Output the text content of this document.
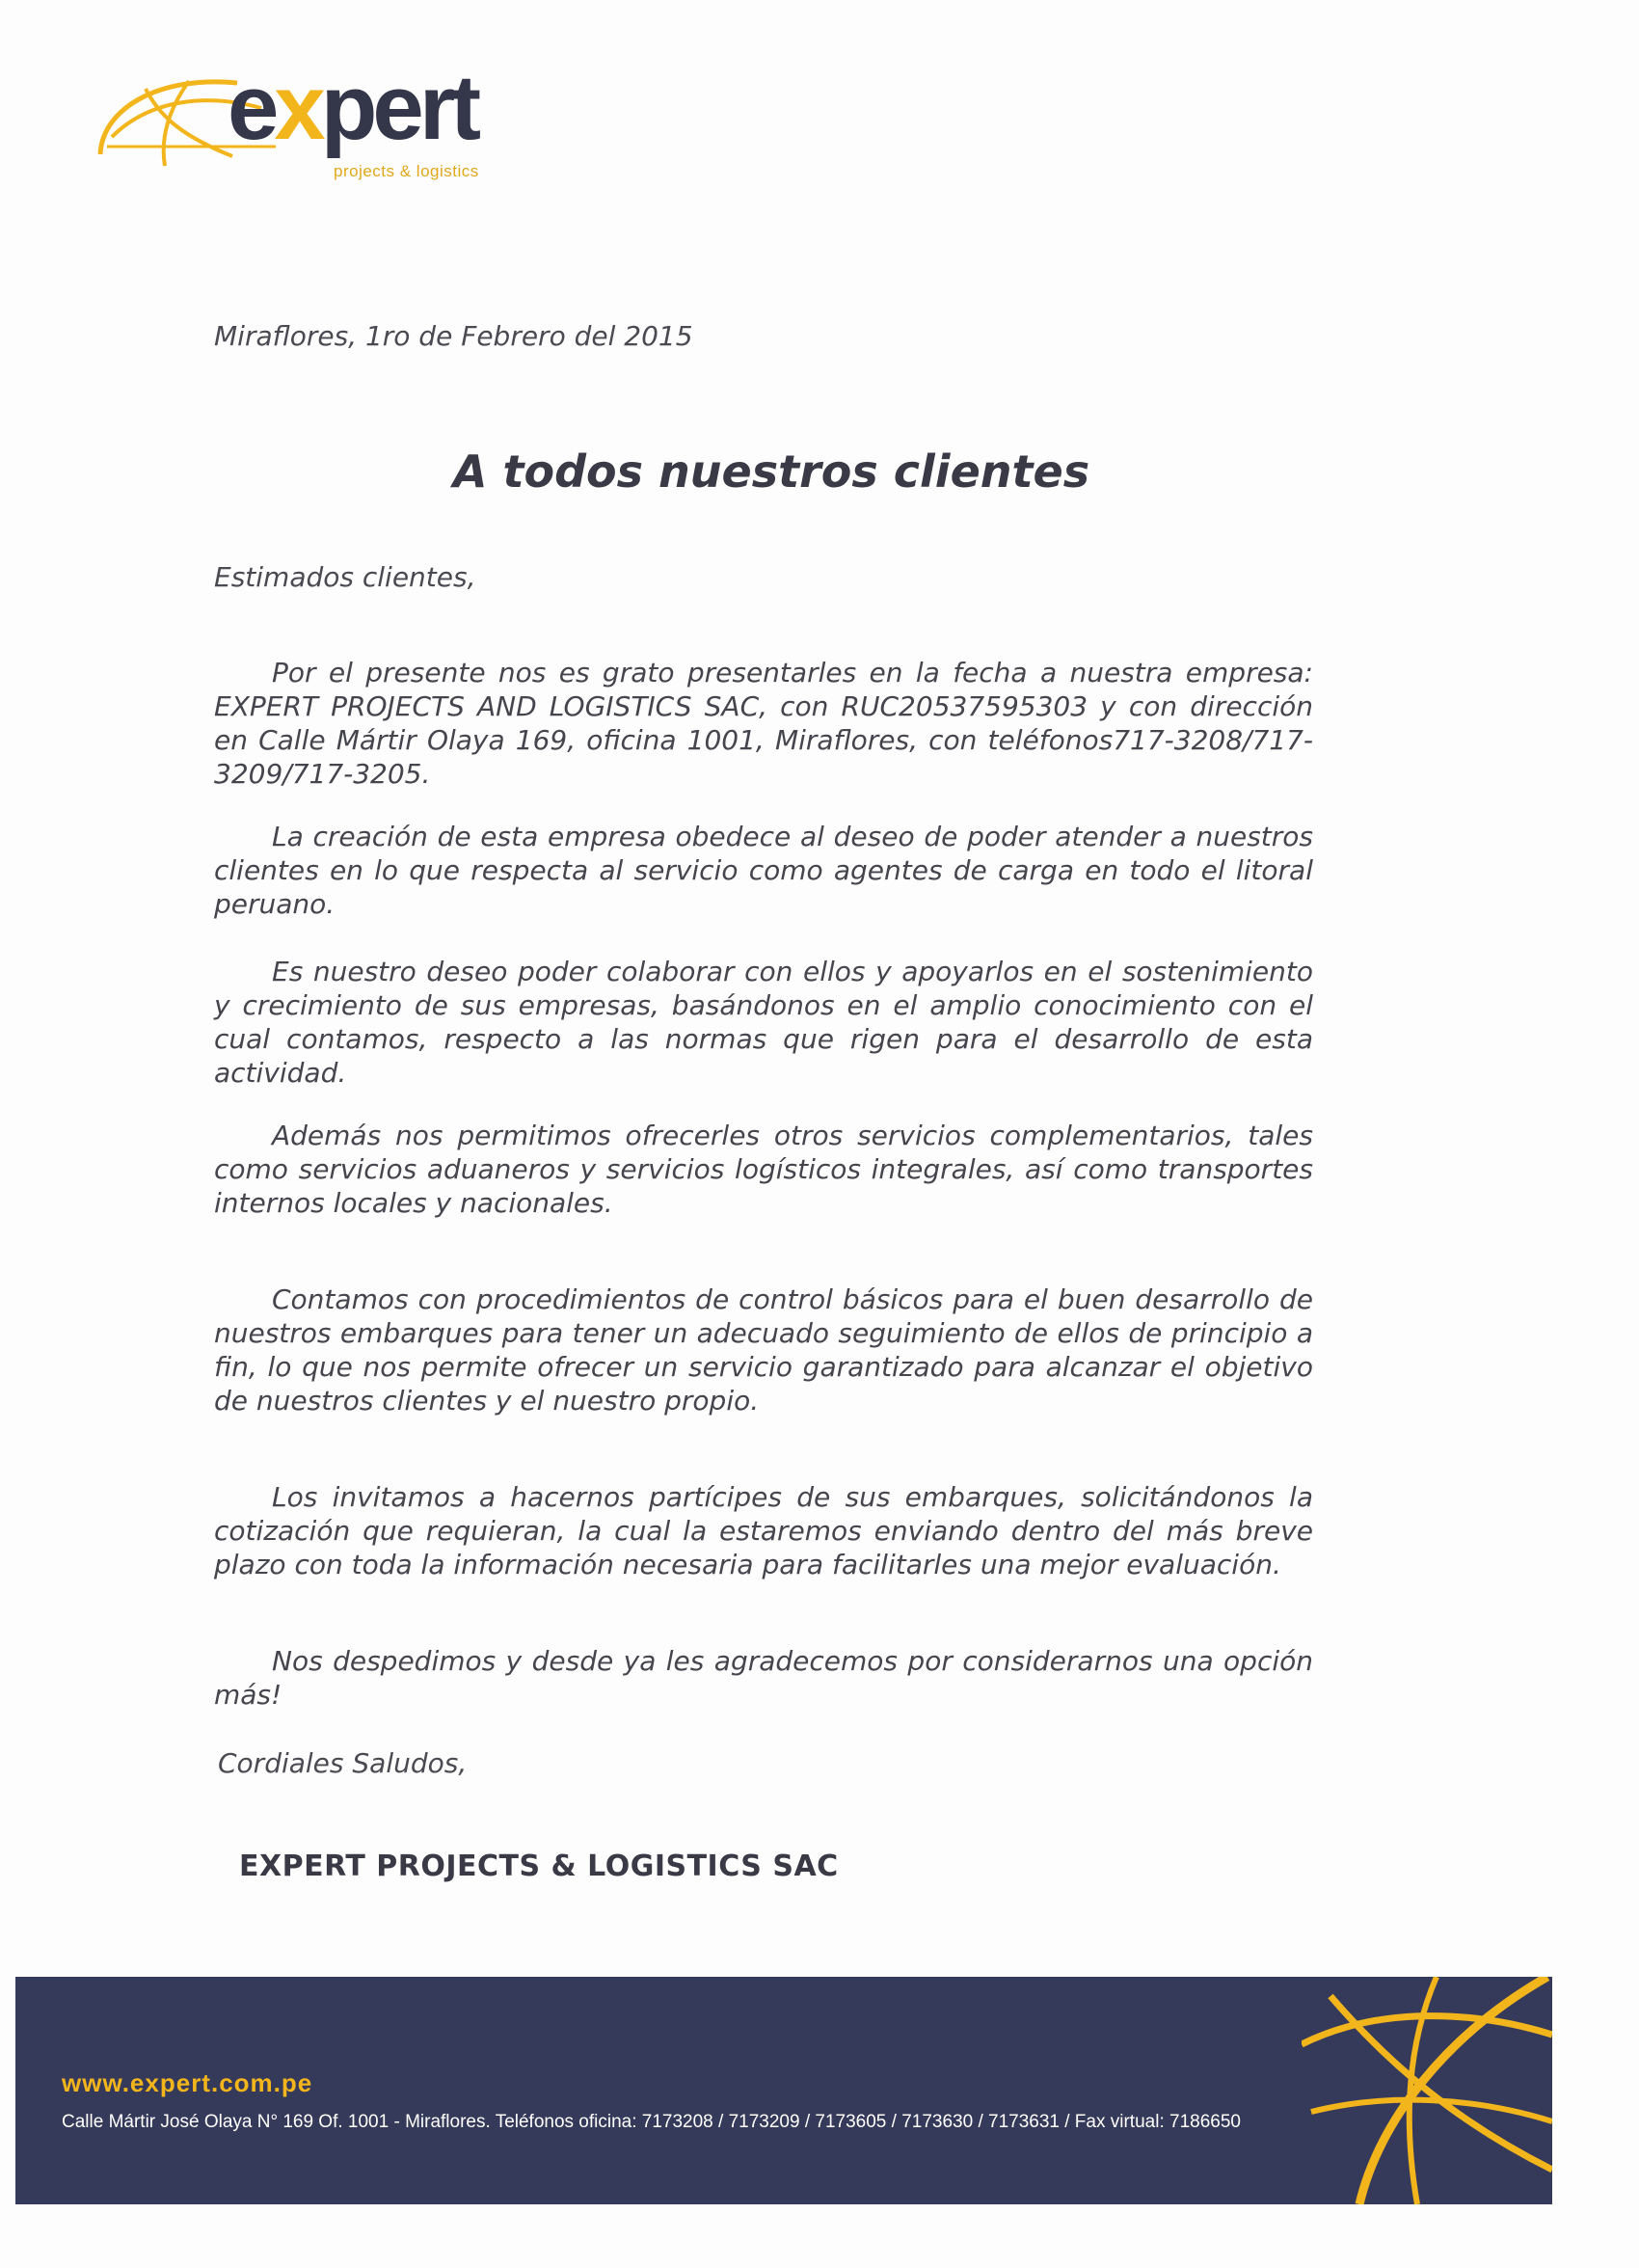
expert
projects & logistics
Miraflores, 1ro de Febrero del 2015
A todos nuestros clientes
Estimados clientes,

Por el presente nos es grato presentarles en la fecha a nuestra empresa: EXPERT PROJECTS AND LOGISTICS SAC, con RUC20537595303 y con dirección en Calle Mártir Olaya 169, oficina 1001, Miraflores, con teléfonos717-3208/717-3209/717-3205.

La creación de esta empresa obedece al deseo de poder atender a nuestros clientes en lo que respecta al servicio como agentes de carga en todo el litoral peruano.

Es nuestro deseo poder colaborar con ellos y apoyarlos en el sostenimiento y crecimiento de sus empresas, basándonos en el amplio conocimiento con el cual contamos, respecto a las normas que rigen para el desarrollo de esta actividad.

Además nos permitimos ofrecerles otros servicios complementarios, tales como servicios aduaneros y servicios logísticos integrales, así como transportes internos locales y nacionales.

Contamos con procedimientos de control básicos para el buen desarrollo de nuestros embarques para tener un adecuado seguimiento de ellos de principio a fin, lo que nos permite ofrecer un servicio garantizado para alcanzar el objetivo de nuestros clientes y el nuestro propio.

Los invitamos a hacernos partícipes de sus embarques, solicitándonos la cotización que requieran, la cual la estaremos enviando dentro del más breve plazo con toda la información necesaria para facilitarles una mejor evaluación.

Nos despedimos y desde ya les agradecemos por considerarnos una opción más!

Cordiales Saludos,
EXPERT PROJECTS & LOGISTICS SAC
www.expert.com.pe
Calle Mártir José Olaya N° 169 Of. 1001 - Miraflores. Teléfonos oficina: 7173208 / 7173209 / 7173605 / 7173630 / 7173631 / Fax virtual: 7186650
